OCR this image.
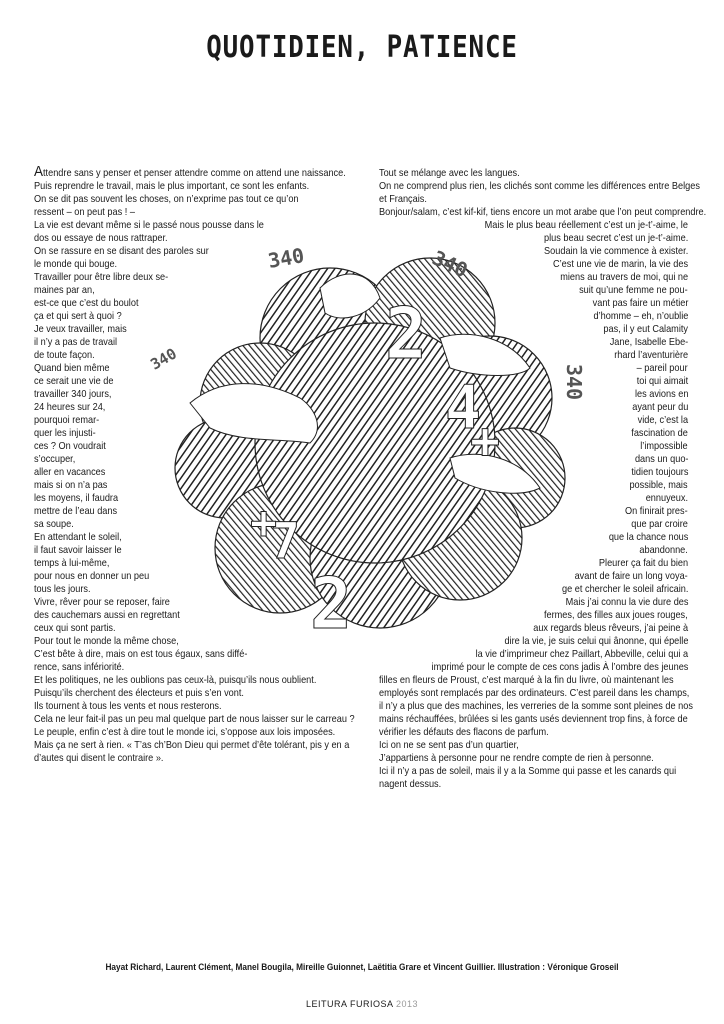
QUOTIDIEN, PATIENCE
2
4
+
7
2
+
340	340
340
340
Attendre sans y penser et penser attendre comme on attend une naissance.
Puis reprendre le travail, mais le plus important, ce sont les enfants.
On se dit pas souvent les choses, on n’exprime pas tout ce qu’on
ressent – on peut pas ! –
La vie est devant même si le passé nous pousse dans le
dos ou essaye de nous rattraper.
On se rassure en se disant des paroles sur
le monde qui bouge.
Travailler pour être libre deux se-
maines par an,
est-ce que c’est du boulot
ça et qui sert à quoi ?
Je veux travailler, mais
il n’y a pas de travail
de toute façon.
Quand bien même
ce serait une vie de
travailler 340 jours,
24 heures sur 24,
pourquoi remar-
quer les injusti-
ces ? On voudrait
s’occuper,
aller en vacances
mais si on n’a pas
les moyens, il faudra
mettre de l’eau dans
sa soupe.
En attendant le soleil,
il faut savoir laisser le
temps à lui-même,
pour nous en donner un peu
tous les jours.
Vivre, rêver pour se reposer, faire
des cauchemars aussi en regrettant
ceux qui sont partis.
Pour tout le monde la même chose,
C’est bête à dire, mais on est tous égaux, sans diffé-
rence, sans infériorité.
Et les politiques, ne les oublions pas ceux-là, puisqu’ils nous oublient.
Puisqu’ils cherchent des électeurs et puis s’en vont.
Ils tournent à tous les vents et nous resterons.
Cela ne leur fait-il pas un peu mal quelque part de nous laisser sur le carreau ?
Le peuple, enfin c’est à dire tout le monde ici, s’oppose aux lois imposées.
Mais ça ne sert à rien. « T’as ch’Bon Dieu qui permet d’ête tolérant, pis y en a
d’autes qui disent le contraire ».
Tout se mélange avec les langues.
On ne comprend plus rien, les clichés sont comme les différences entre Belges
et Français.
Bonjour/salam, c’est kif-kif, tiens encore un mot arabe que l’on peut comprendre.
Mais le plus beau réellement c’est un je-t’-aime, le
plus beau secret c’est un je-t’-aime.
Soudain la vie commence à exister.
C’est une vie de marin, la vie des
miens au travers de moi, qui ne
suit qu’une femme ne pou-
vant pas faire un métier
d’homme – eh, n’oublie
pas, il y eut Calamity
Jane, Isabelle Ebe-
rhard l’aventurière
– pareil pour
toi qui aimait
les avions en
ayant peur du
vide, c’est la
fascination de
l’impossible
dans un quo-
tidien toujours
possible, mais
ennuyeux.
On finirait pres-
que par croire
que la chance nous
abandonne.
Pleurer ça fait du bien
avant de faire un long voya-
ge et chercher le soleil africain.
Mais j’ai connu la vie dure des
fermes, des filles aux joues rouges,
aux regards bleus rêveurs, j’ai peine à
dire la vie, je suis celui qui ânonne, qui épelle
la vie d’imprimeur chez Paillart, Abbeville, celui qui a
imprimé pour le compte de ces cons jadis À l’ombre des jeunes
filles en fleurs de Proust, c’est marqué à la fin du livre, où maintenant les
employés sont remplacés par des ordinateurs. C’est pareil dans les champs,
il n’y a plus que des machines, les verreries de la somme sont pleines de nos
mains réchauffées, brûlées si les gants usés deviennent trop fins, à force de
vérifier les défauts des flacons de parfum.
Ici on ne se sent pas d’un quartier,
J’appartiens à personne pour ne rendre compte de rien à personne.
Ici il n’y a pas de soleil, mais il y a la Somme qui passe et les canards qui
nagent dessus.
Hayat Richard, Laurent Clément, Manel Bougila, Mireille Guionnet, Laëtitia Grare et Vincent Guillier. Illustration : Véronique Groseil
LEITURA FURIOSA 2013
